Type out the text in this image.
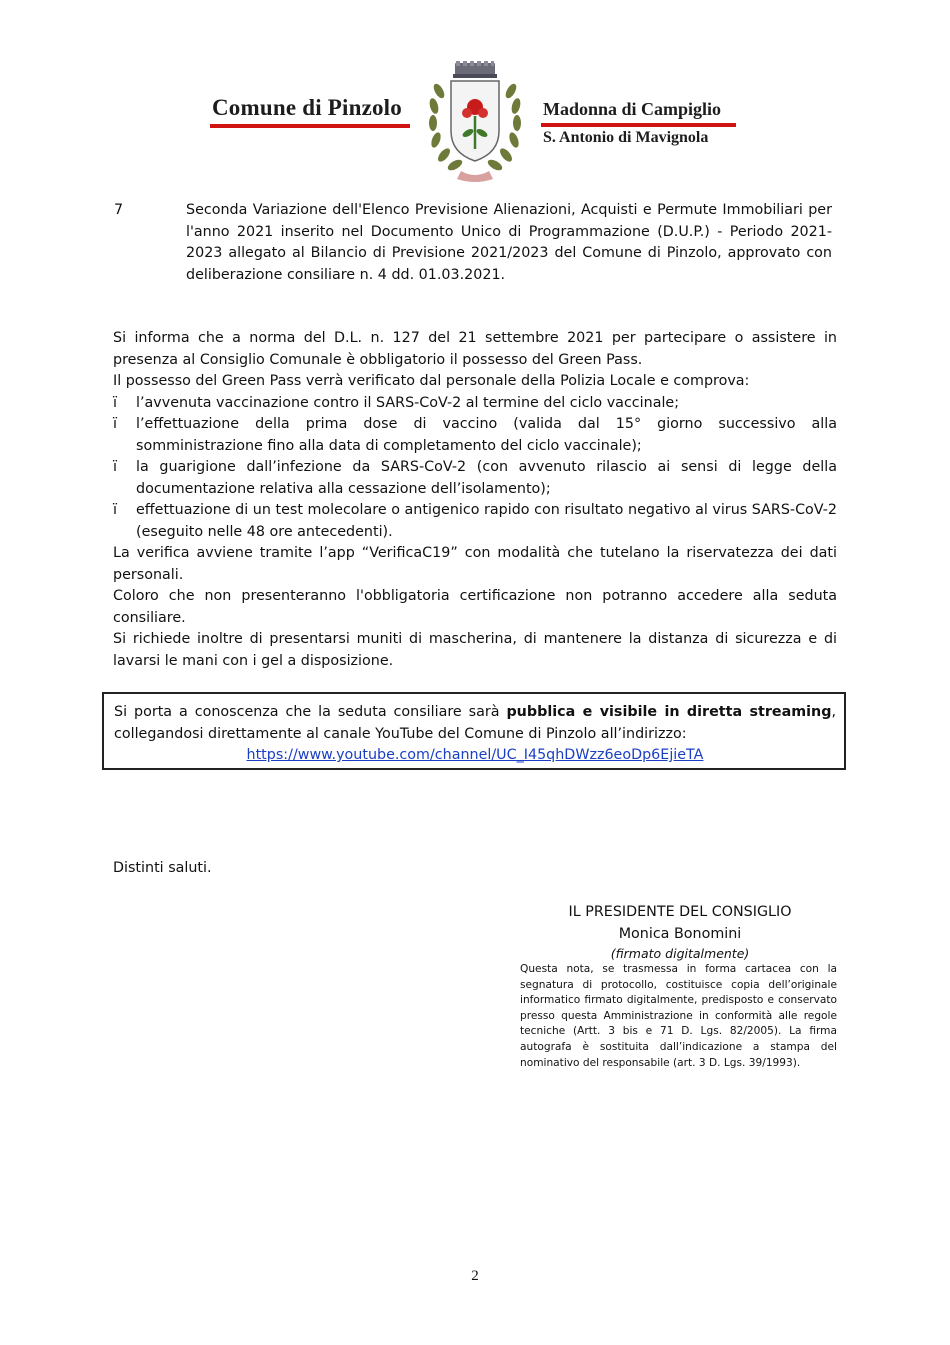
Comune di Pinzolo	Madonna di Campiglio
S. Antonio di Mavignola
7	Seconda Variazione dell'Elenco Previsione Alienazioni, Acquisti e Permute Immobiliari per l'anno 2021 inserito nel Documento Unico di Programmazione (D.U.P.) - Periodo 2021-2023 allegato al Bilancio di Previsione 2021/2023 del Comune di Pinzolo, approvato con deliberazione consiliare n. 4 dd. 01.03.2021.

Si informa che a norma del D.L. n. 127 del 21 settembre 2021 per partecipare o assistere in presenza al Consiglio Comunale è obbligatorio il possesso del Green Pass.

Il possesso del Green Pass verrà verificato dal personale della Polizia Locale e comprova:

ï l’avvenuta vaccinazione contro il SARS-CoV-2 al termine del ciclo vaccinale;
ï l’effettuazione della prima dose di vaccino (valida dal 15° giorno successivo alla somministrazione fino alla data di completamento del ciclo vaccinale);
ï la guarigione dall’infezione da SARS-CoV-2 (con avvenuto rilascio ai sensi di legge della documentazione relativa alla cessazione dell’isolamento);
ï effettuazione di un test molecolare o antigenico rapido con risultato negativo al virus SARS-CoV-2 (eseguito nelle 48 ore antecedenti).

La verifica avviene tramite l’app “VerificaC19” con modalità che tutelano la riservatezza dei dati personali.

Coloro che non presenteranno l'obbligatoria certificazione non potranno accedere alla seduta consiliare.

Si richiede inoltre di presentarsi muniti di mascherina, di mantenere la distanza di sicurezza e di lavarsi le mani con i gel a disposizione.

Si porta a conoscenza che la seduta consiliare sarà pubblica e visibile in diretta streaming, collegandosi direttamente al canale YouTube del Comune di Pinzolo all’indirizzo:
https://www.youtube.com/channel/UC_I45qhDWzz6eoDp6EjieTA
Distinti saluti.
IL PRESIDENTE DEL CONSIGLIO
Monica Bonomini
(firmato digitalmente)
Questa nota, se trasmessa in forma cartacea con la segnatura di protocollo, costituisce copia dell’originale informatico firmato digitalmente, predisposto e conservato presso questa Amministrazione in conformità alle regole tecniche (Artt. 3 bis e 71 D. Lgs. 82/2005). La firma autografa è sostituita dall’indicazione a stampa del nominativo del responsabile (art. 3 D. Lgs. 39/1993).
2
